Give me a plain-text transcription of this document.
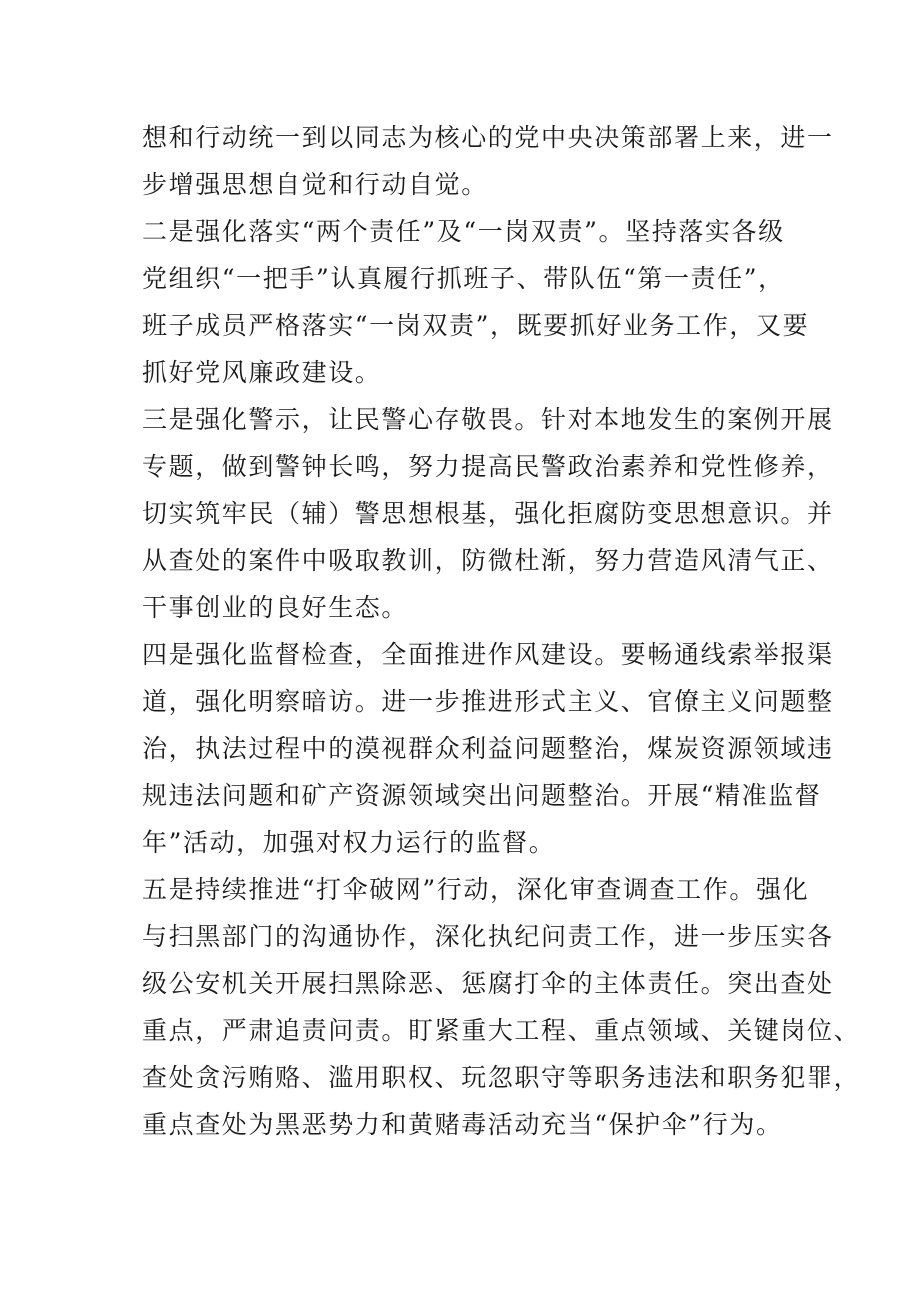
想和行动统一到以同志为核心的党中央决策部署上来，进一
步增强思想自觉和行动自觉。
二是强化落实“两个责任”及“一岗双责”。坚持落实各级
党组织“一把手”认真履行抓班子、带队伍“第一责任”，
班子成员严格落实“一岗双责”，既要抓好业务工作，又要
抓好党风廉政建设。
三是强化警示，让民警心存敬畏。针对本地发生的案例开展
专题，做到警钟长鸣，努力提高民警政治素养和党性修养，
切实筑牢民（辅）警思想根基，强化拒腐防变思想意识。并
从查处的案件中吸取教训，防微杜渐，努力营造风清气正、
干事创业的良好生态。
四是强化监督检查，全面推进作风建设。要畅通线索举报渠
道，强化明察暗访。进一步推进形式主义、官僚主义问题整
治，执法过程中的漠视群众利益问题整治，煤炭资源领域违
规违法问题和矿产资源领域突出问题整治。开展“精准监督
年”活动，加强对权力运行的监督。
五是持续推进“打伞破网”行动，深化审查调查工作。强化
与扫黑部门的沟通协作，深化执纪问责工作，进一步压实各
级公安机关开展扫黑除恶、惩腐打伞的主体责任。突出查处
重点，严肃追责问责。盯紧重大工程、重点领域、关键岗位、
查处贪污贿赂、滥用职权、玩忽职守等职务违法和职务犯罪，
重点查处为黑恶势力和黄赌毒活动充当“保护伞”行为。
